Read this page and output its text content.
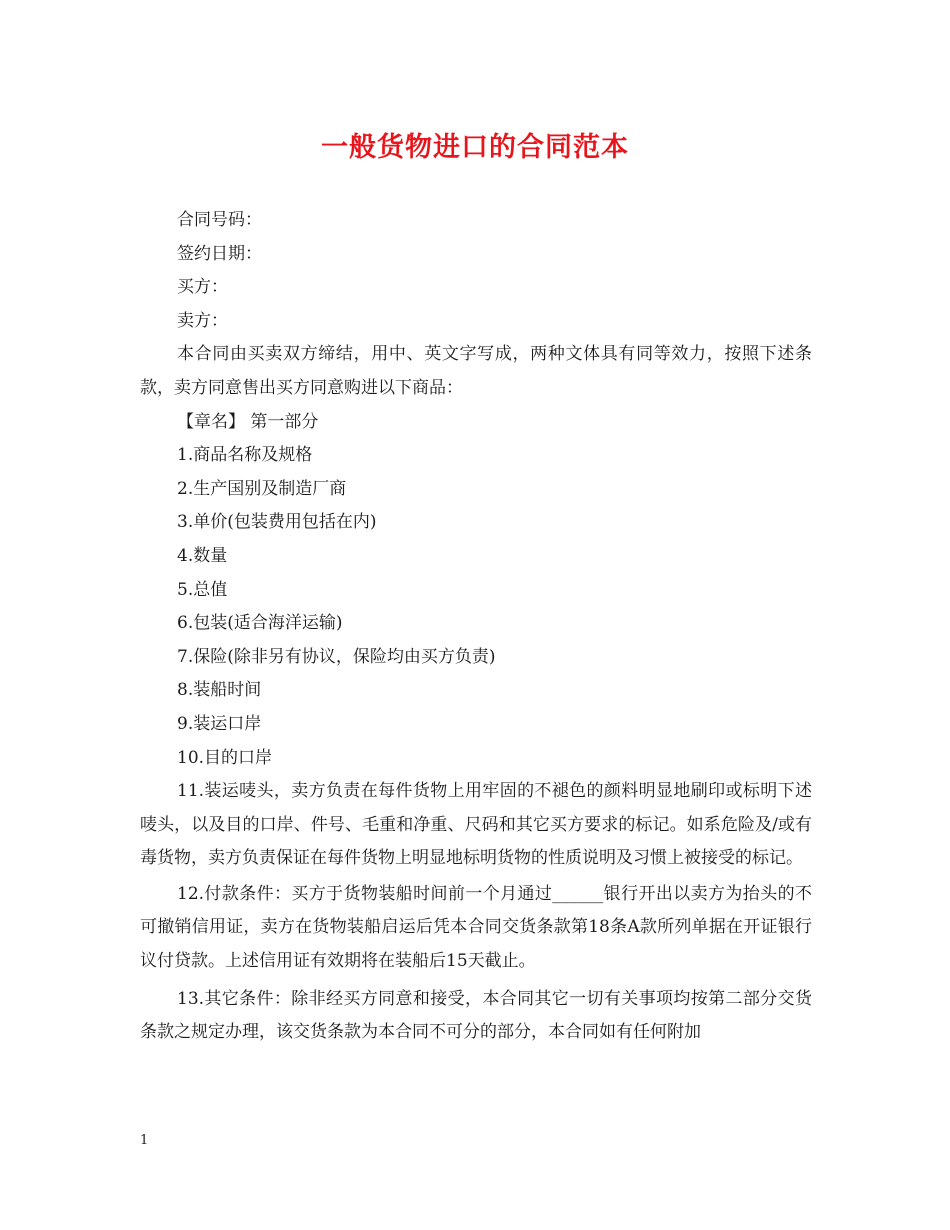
一般货物进口的合同范本

合同号码：

签约日期：

买方：

卖方：

本合同由买卖双方缔结，用中、英文字写成，两种文体具有同等效力，按照下述条款，卖方同意售出买方同意购进以下商品：

【章名】 第一部分

1.商品名称及规格

2.生产国别及制造厂商

3.单价(包装费用包括在内)

4.数量

5.总值

6.包装(适合海洋运输)

7.保险(除非另有协议，保险均由买方负责)

8.装船时间

9.装运口岸

10.目的口岸

11.装运唛头，卖方负责在每件货物上用牢固的不褪色的颜料明显地刷印或标明下述唛头，以及目的口岸、件号、毛重和净重、尺码和其它买方要求的标记。如系危险及/或有毒货物，卖方负责保证在每件货物上明显地标明货物的性质说明及习惯上被接受的标记。

12.付款条件：买方于货物装船时间前一个月通过______银行开出以卖方为抬头的不可撤销信用证，卖方在货物装船启运后凭本合同交货条款第18条A款所列单据在开证银行议付贷款。上述信用证有效期将在装船后15天截止。

13.其它条件：除非经买方同意和接受，本合同其它一切有关事项均按第二部分交货条款之规定办理，该交货条款为本合同不可分的部分，本合同如有任何附加

1
